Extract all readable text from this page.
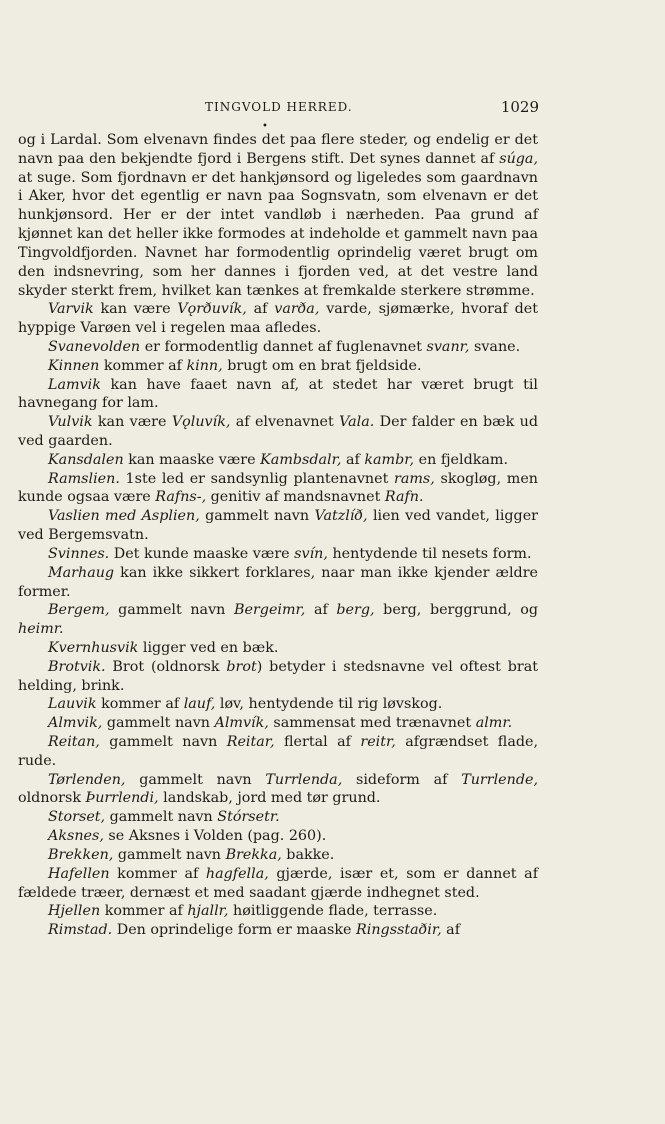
TINGVOLD HERRED.	1029
•

og i Lardal. Som elvenavn findes det paa flere steder, og endelig er det navn paa den bekjendte fjord i Bergens stift. Det synes dannet af súga, at suge. Som fjordnavn er det hankjønsord og ligeledes som gaardnavn i Aker, hvor det egentlig er navn paa Sognsvatn, som elvenavn er det hunkjønsord. Her er der intet vandløb i nærheden. Paa grund af kjønnet kan det heller ikke formodes at indeholde et gammelt navn paa Tingvoldfjorden. Navnet har formodentlig oprindelig været brugt om den indsnevring, som her dannes i fjorden ved, at det vestre land skyder sterkt frem, hvilket kan tænkes at fremkalde sterkere strømme.

Varvik kan være Vǫrðuvík, af varða, varde, sjømærke, hvoraf det hyppige Varøen vel i regelen maa afledes.

Svanevolden er formodentlig dannet af fuglenavnet svanr, svane.

Kinnen kommer af kinn, brugt om en brat fjeldside.

Lamvik kan have faaet navn af, at stedet har været brugt til havnegang for lam.

Vulvik kan være Vǫluvík, af elvenavnet Vala. Der falder en bæk ud ved gaarden.

Kansdalen kan maaske være Kambsdalr, af kambr, en fjeldkam.

Ramslien. 1ste led er sandsynlig plantenavnet rams, skogløg, men kunde ogsaa være Rafns-, genitiv af mandsnavnet Rafn.

Vaslien med Asplien, gammelt navn Vatzlíð, lien ved vandet, ligger ved Bergemsvatn.

Svinnes. Det kunde maaske være svín, hentydende til nesets form.

Marhaug kan ikke sikkert forklares, naar man ikke kjender ældre former.

Bergem, gammelt navn Bergeimr, af berg, berg, berggrund, og heimr.

Kvernhusvik ligger ved en bæk.

Brotvik. Brot (oldnorsk brot) betyder i stedsnavne vel oftest brat helding, brink.

Lauvik kommer af lauf, løv, hentydende til rig løvskog.

Almvik, gammelt navn Almvík, sammensat med trænavnet almr.

Reitan, gammelt navn Reitar, flertal af reitr, afgrændset flade, rude.

Tørlenden, gammelt navn Turrlenda, sideform af Turrlende, oldnorsk Þurrlendi, landskab, jord med tør grund.

Storset, gammelt navn Stórsetr.

Aksnes, se Aksnes i Volden (pag. 260).

Brekken, gammelt navn Brekka, bakke.

Hafellen kommer af hagfella, gjærde, især et, som er dannet af fældede træer, dernæst et med saadant gjærde indhegnet sted.

Hjellen kommer af hjallr, høitliggende flade, terrasse.

Rimstad. Den oprindelige form er maaske Ringsstaðir, af
